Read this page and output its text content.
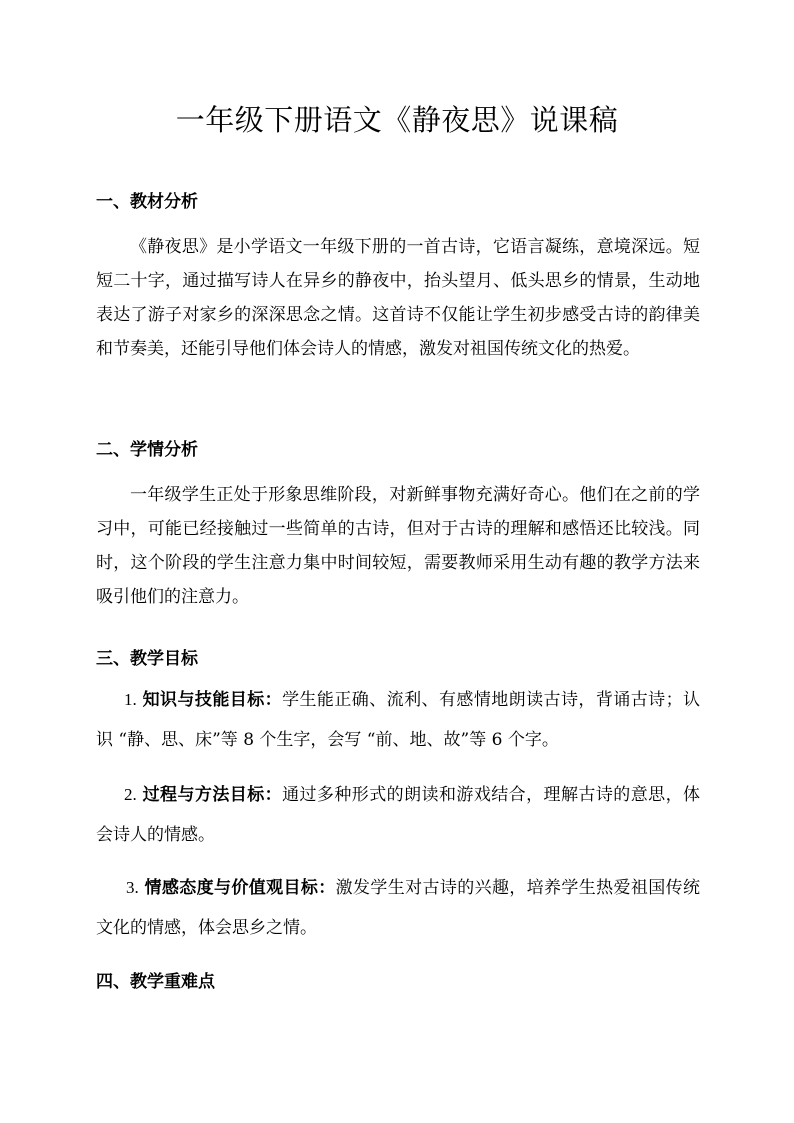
一年级下册语文《静夜思》说课稿
一、教材分析

《静夜思》是小学语文一年级下册的一首古诗，它语言凝练，意境深远。短短二十字，通过描写诗人在异乡的静夜中，抬头望月、低头思乡的情景，生动地表达了游子对家乡的深深思念之情。这首诗不仅能让学生初步感受古诗的韵律美和节奏美，还能引导他们体会诗人的情感，激发对祖国传统文化的热爱。

二、学情分析

一年级学生正处于形象思维阶段，对新鲜事物充满好奇心。他们在之前的学习中，可能已经接触过一些简单的古诗，但对于古诗的理解和感悟还比较浅。同时，这个阶段的学生注意力集中时间较短，需要教师采用生动有趣的教学方法来吸引他们的注意力。

三、教学目标

1. 知识与技能目标：学生能正确、流利、有感情地朗读古诗，背诵古诗；认识 “静、思、床”等 8 个生字，会写 “前、地、故”等 6 个字。

2. 过程与方法目标：通过多种形式的朗读和游戏结合，理解古诗的意思，体会诗人的情感。

3. 情感态度与价值观目标：激发学生对古诗的兴趣，培养学生热爱祖国传统文化的情感，体会思乡之情。

四、教学重难点
